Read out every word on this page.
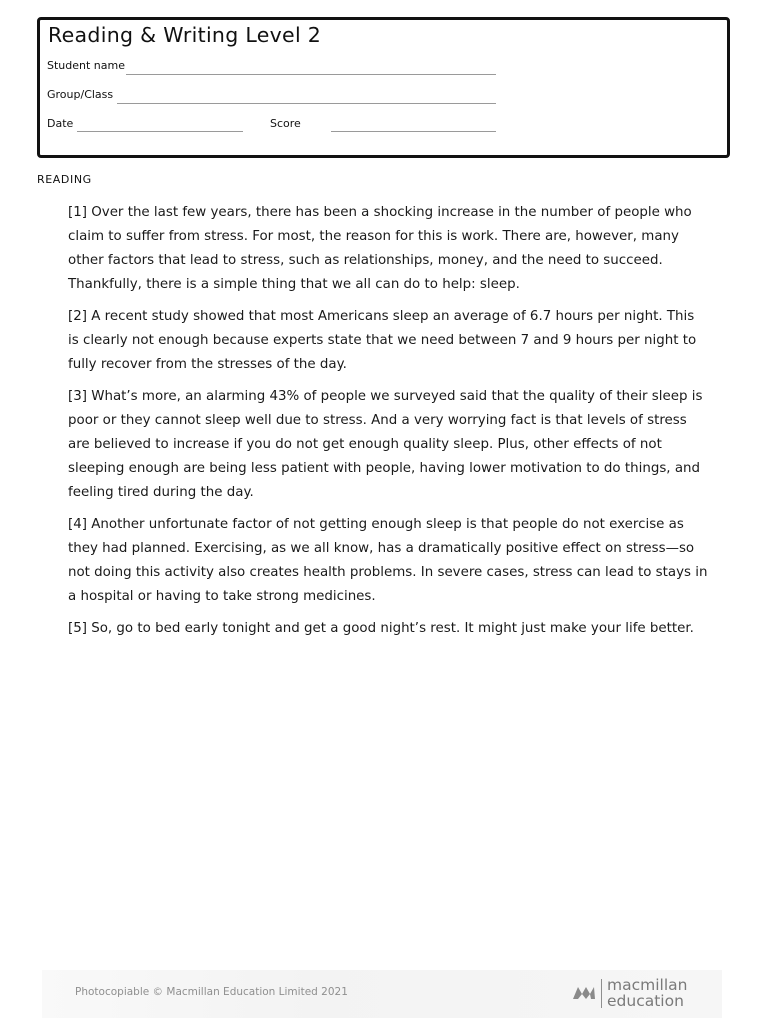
Reading & Writing Level 2
Student name
Group/Class
Date	Score
READING

[1] Over the last few years, there has been a shocking increase in the number of people who claim to suffer from stress. For most, the reason for this is work. There are, however, many other factors that lead to stress, such as relationships, money, and the need to succeed. Thankfully, there is a simple thing that we all can do to help: sleep.

[2] A recent study showed that most Americans sleep an average of 6.7 hours per night. This is clearly not enough because experts state that we need between 7 and 9 hours per night to fully recover from the stresses of the day.

[3] What’s more, an alarming 43% of people we surveyed said that the quality of their sleep is poor or they cannot sleep well due to stress. And a very worrying fact is that levels of stress are believed to increase if you do not get enough quality sleep. Plus, other effects of not sleeping enough are being less patient with people, having lower motivation to do things, and feeling tired during the day.

[4] Another unfortunate factor of not getting enough sleep is that people do not exercise as they had planned. Exercising, as we all know, has a dramatically positive effect on stress—so not doing this activity also creates health problems. In severe cases, stress can lead to stays in a hospital or having to take strong medicines.

[5] So, go to bed early tonight and get a good night’s rest. It might just make your life better.

Photocopiable © Macmillan Education Limited 2021	macmillan
education
